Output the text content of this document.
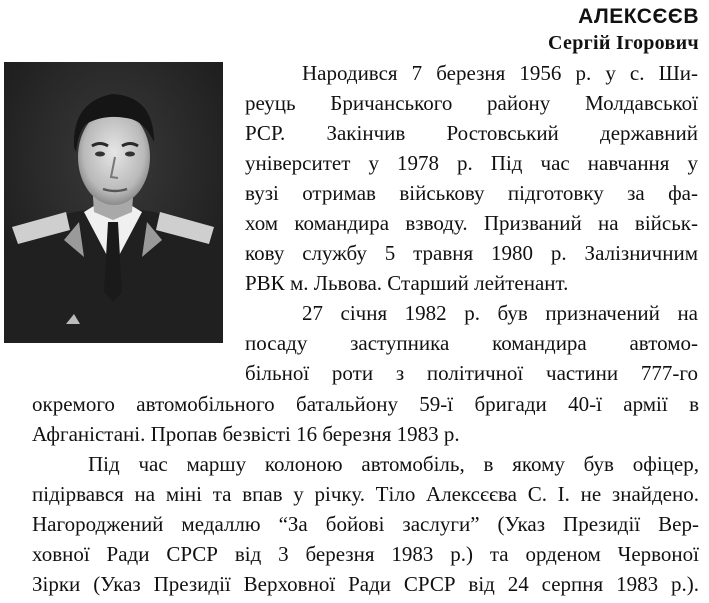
АЛЕКСЄЄВ
Сергій Ігорович
Народився 7 березня 1956 р. у с. Ши-
реуць Бричанського району Молдавської
РСР. Закінчив Ростовський державний
університет у 1978 р. Під час навчання у
вузі отримав військову підготовку за фа-
хом командира взводу. Призваний на військ-
кову службу 5 травня 1980 р. Залізничним
РВК м. Львова. Старший лейтенант.
27 січня 1982 р. був призначений на
посаду заступника командира автомо-
більної роти з політичної частини 777-го
окремого автомобільного батальйону 59-ї бригади 40-ї армії в
Афганістані. Пропав безвісті 16 березня 1983 р.
Під час маршу колоною автомобіль, в якому був офіцер,
підірвався на міні та впав у річку. Тіло Алексєєва С. І. не знайдено.
Нагороджений медаллю “За бойові заслуги” (Указ Президії Вер-
ховної Ради СРСР від 3 березня 1983 р.) та орденом Червоної
Зірки (Указ Президії Верховної Ради СРСР від 24 серпня 1983 р.).
